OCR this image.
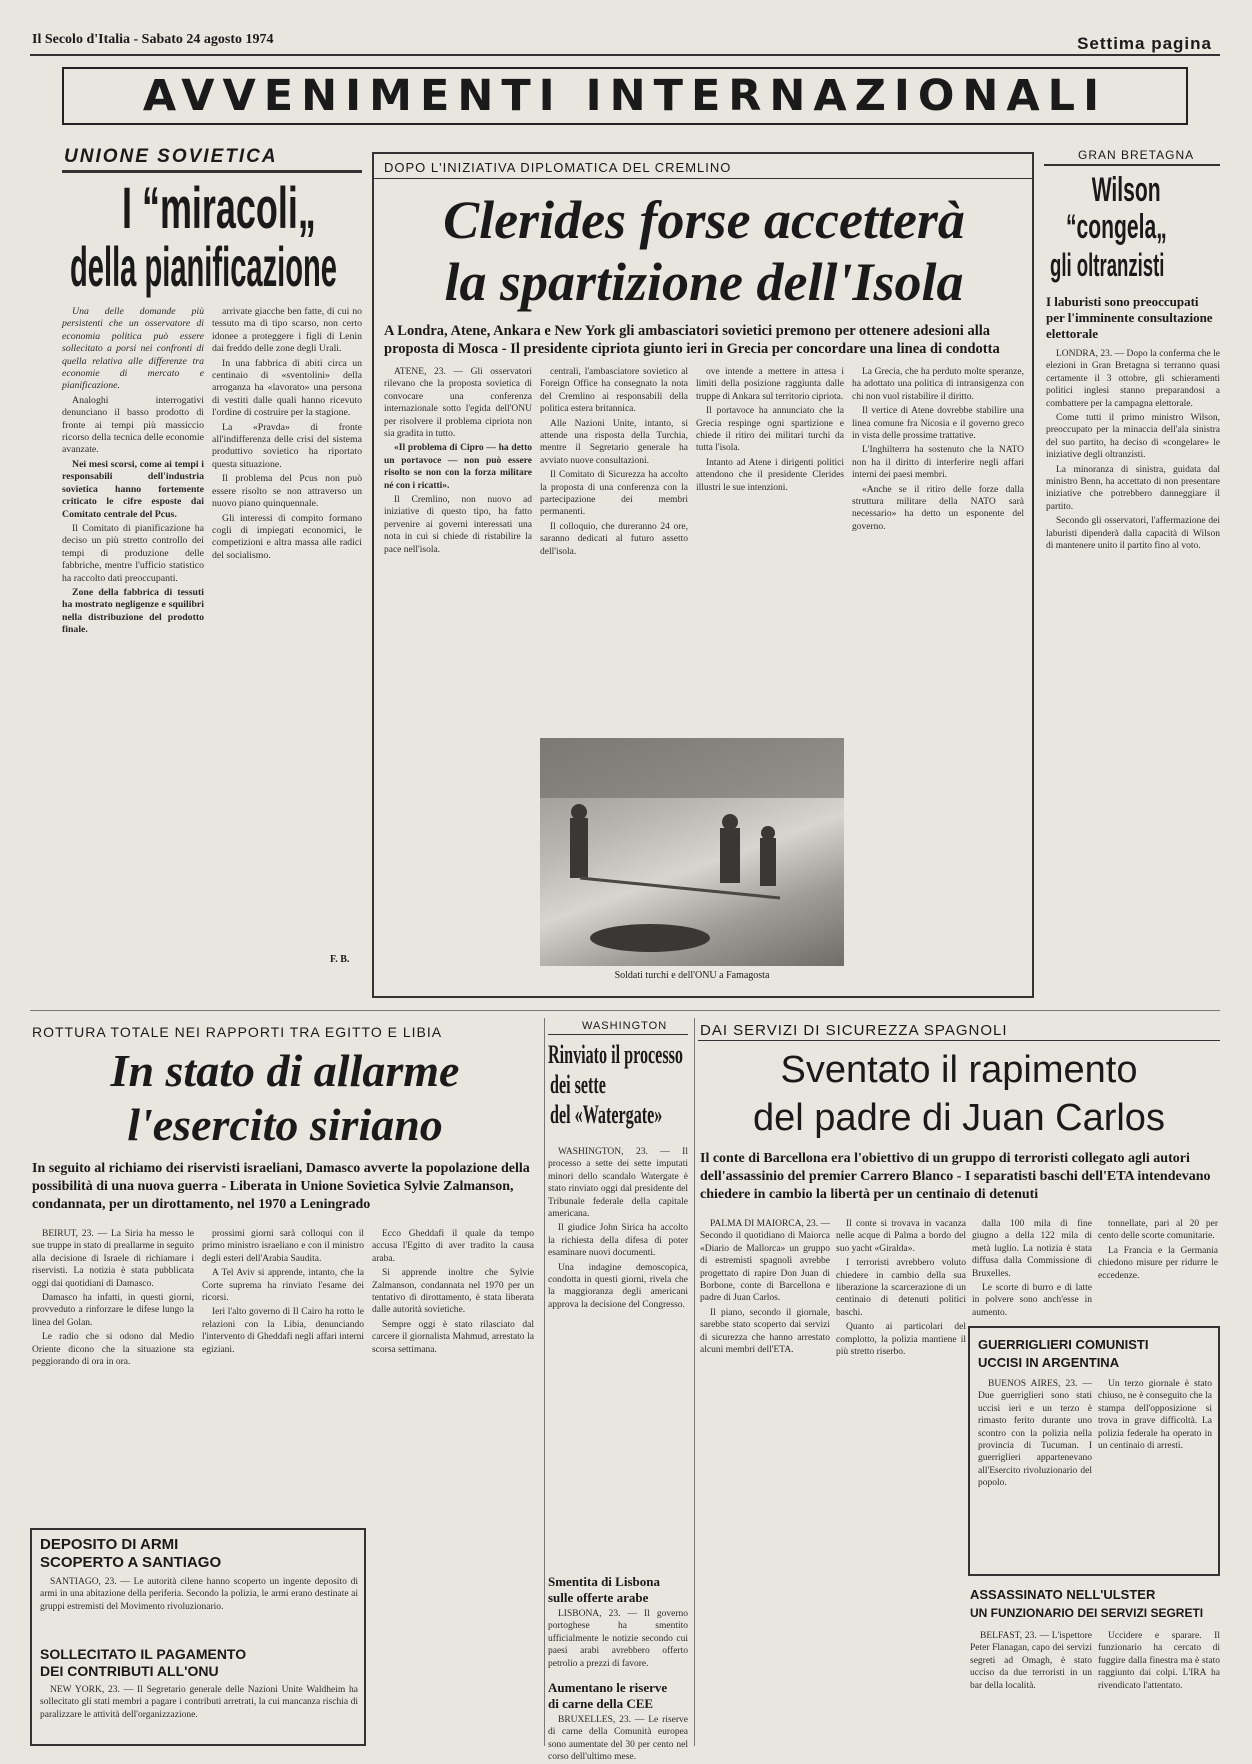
Il Secolo d'Italia - Sabato 24 agosto 1974	Settima pagina
AVVENIMENTI INTERNAZIONALI
UNIONE SOVIETICA
I “miracoli„
della pianificazione

Una delle domande più persistenti che un osservatore di economia politica può essere sollecitato a porsi nei confronti di quella relativa alle differenze tra economie di mercato e pianificazione.

Analoghi interrogativi denunciano il basso prodotto di fronte ai tempi più massiccio ricorso della tecnica delle economie avanzate.

Nei mesi scorsi, come ai tempi i responsabili dell'industria sovietica hanno fortemente criticato le cifre esposte dai Comitato centrale del Pcus.

Il Comitato di pianificazione ha deciso un più stretto controllo dei tempi di produzione delle fabbriche, mentre l'ufficio statistico ha raccolto dati preoccupanti.

Zone della fabbrica di tessuti ha mostrato negligenze e squilibri nella distribuzione del prodotto finale.

arrivate giacche ben fatte, di cui no tessuto ma di tipo scarso, non certo idonee a proteggere i figli di Lenin dai freddo delle zone degli Urali.

In una fabbrica di abiti circa un centinaio di «sventolini» della arroganza ha «lavorato» una persona di vestiti dalle quali hanno ricevuto l'ordine di costruire per la stagione.

La «Pravda» di fronte all'indifferenza delle crisi del sistema produttivo sovietico ha riportato questa situazione.

Il problema del Pcus non può essere risolto se non attraverso un nuovo piano quinquennale.

Gli interessi di compito formano cogli di impiegati economici, le competizioni e altra massa alle radici del socialismo.

F. B.
DOPO L'INIZIATIVA DIPLOMATICA DEL CREMLINO
Clerides forse accetterà
la spartizione dell'Isola
A Londra, Atene, Ankara e New York gli ambasciatori sovietici premono per ottenere adesioni alla proposta di Mosca - Il presidente cipriota giunto ieri in Grecia per concordare una linea di condotta

ATENE, 23. — Gli osservatori rilevano che la proposta sovietica di convocare una conferenza internazionale sotto l'egida dell'ONU per risolvere il problema cipriota non sia gradita in tutto.

«Il problema di Cipro — ha detto un portavoce — non può essere risolto se non con la forza militare né con i ricatti».

Il Cremlino, non nuovo ad iniziative di questo tipo, ha fatto pervenire ai governi interessati una nota in cui si chiede di ristabilire la pace nell'isola.

centrali, l'ambasciatore sovietico al Foreign Office ha consegnato la nota del Cremlino ai responsabili della politica estera britannica.

Alle Nazioni Unite, intanto, si attende una risposta della Turchia, mentre il Segretario generale ha avviato nuove consultazioni.

Il Comitato di Sicurezza ha accolto la proposta di una conferenza con la partecipazione dei membri permanenti.

Il colloquio, che dureranno 24 ore, saranno dedicati al futuro assetto dell'isola.

ove intende a mettere in attesa i limiti della posizione raggiunta dalle truppe di Ankara sul territorio cipriota.

Il portavoce ha annunciato che la Grecia respinge ogni spartizione e chiede il ritiro dei militari turchi da tutta l'isola.

Intanto ad Atene i dirigenti politici attendono che il presidente Clerides illustri le sue intenzioni.

La Grecia, che ha perduto molte speranze, ha adottato una politica di intransigenza con chi non vuol ristabilire il diritto.

Il vertice di Atene dovrebbe stabilire una linea comune fra Nicosia e il governo greco in vista delle prossime trattative.

L'Inghilterra ha sostenuto che la NATO non ha il diritto di interferire negli affari interni dei paesi membri.

«Anche se il ritiro delle forze dalla struttura militare della NATO sarà necessario» ha detto un esponente del governo.

Soldati turchi e dell'ONU a Famagosta
GRAN BRETAGNA
Wilson
“congela„
gli oltranzisti
I laburisti sono preoccupati per l'imminente consultazione elettorale

LONDRA, 23. — Dopo la conferma che le elezioni in Gran Bretagna si terranno quasi certamente il 3 ottobre, gli schieramenti politici inglesi stanno preparandosi a combattere per la campagna elettorale.

Come tutti il primo ministro Wilson, preoccupato per la minaccia dell'ala sinistra del suo partito, ha deciso di «congelare» le iniziative degli oltranzisti.

La minoranza di sinistra, guidata dal ministro Benn, ha accettato di non presentare iniziative che potrebbero danneggiare il partito.

Secondo gli osservatori, l'affermazione dei laburisti dipenderà dalla capacità di Wilson di mantenere unito il partito fino al voto.

ROTTURA TOTALE NEI RAPPORTI TRA EGITTO E LIBIA
In stato di allarme
l'esercito siriano
In seguito al richiamo dei riservisti israeliani, Damasco avverte la popolazione della possibilità di una nuova guerra - Liberata in Unione Sovietica Sylvie Zalmanson, condannata, per un dirottamento, nel 1970 a Leningrado

BEIRUT, 23. — La Siria ha messo le sue truppe in stato di preallarme in seguito alla decisione di Israele di richiamare i riservisti. La notizia è stata pubblicata oggi dai quotidiani di Damasco.

Damasco ha infatti, in questi giorni, provveduto a rinforzare le difese lungo la linea del Golan.

Le radio che si odono dal Medio Oriente dicono che la situazione sta peggiorando di ora in ora.

prossimi giorni sarà colloqui con il primo ministro israeliano e con il ministro degli esteri dell'Arabia Saudita.

A Tel Aviv si apprende, intanto, che la Corte suprema ha rinviato l'esame dei ricorsi.

Ieri l'alto governo di Il Cairo ha rotto le relazioni con la Libia, denunciando l'intervento di Gheddafi negli affari interni egiziani.

Ecco Gheddafi il quale da tempo accusa l'Egitto di aver tradito la causa araba.

Si apprende inoltre che Sylvie Zalmanson, condannata nel 1970 per un tentativo di dirottamento, è stata liberata dalle autorità sovietiche.

Sempre oggi è stato rilasciato dal carcere il giornalista Mahmud, arrestato la scorsa settimana.

DEPOSITO DI ARMI
SCOPERTO A SANTIAGO

SANTIAGO, 23. — Le autorità cilene hanno scoperto un ingente deposito di armi in una abitazione della periferia. Secondo la polizia, le armi erano destinate ai gruppi estremisti del Movimento rivoluzionario.

SOLLECITATO IL PAGAMENTO
DEI CONTRIBUTI ALL'ONU

NEW YORK, 23. — Il Segretario generale delle Nazioni Unite Waldheim ha sollecitato gli stati membri a pagare i contributi arretrati, la cui mancanza rischia di paralizzare le attività dell'organizzazione.

WASHINGTON
Rinviato il processo
dei sette
del «Watergate»

WASHINGTON, 23. — Il processo a sette dei sette imputati minori dello scandalo Watergate è stato rinviato oggi dal presidente del Tribunale federale della capitale americana.

Il giudice John Sirica ha accolto la richiesta della difesa di poter esaminare nuovi documenti.

Una indagine demoscopica, condotta in questi giorni, rivela che la maggioranza degli americani approva la decisione del Congresso.

Smentita di Lisbona
sulle offerte arabe

LISBONA, 23. — Il governo portoghese ha smentito ufficialmente le notizie secondo cui paesi arabi avrebbero offerto petrolio a prezzi di favore.

Aumentano le riserve
di carne della CEE

BRUXELLES, 23. — Le riserve di carne della Comunità europea sono aumentate del 30 per cento nel corso dell'ultimo mese.

DAI SERVIZI DI SICUREZZA SPAGNOLI
Sventato il rapimento
del padre di Juan Carlos
Il conte di Barcellona era l'obiettivo di un gruppo di terroristi collegato agli autori dell'assassinio del premier Carrero Blanco - I separatisti baschi dell'ETA intendevano chiedere in cambio la libertà per un centinaio di detenuti

PALMA DI MAIORCA, 23. — Secondo il quotidiano di Maiorca «Diario de Mallorca» un gruppo di estremisti spagnoli avrebbe progettato di rapire Don Juan di Borbone, conte di Barcellona e padre di Juan Carlos.

Il piano, secondo il giornale, sarebbe stato scoperto dai servizi di sicurezza che hanno arrestato alcuni membri dell'ETA.

Il conte si trovava in vacanza nelle acque di Palma a bordo del suo yacht «Giralda».

I terroristi avrebbero voluto chiedere in cambio della sua liberazione la scarcerazione di un centinaio di detenuti politici baschi.

Quanto ai particolari del complotto, la polizia mantiene il più stretto riserbo.

dalla 100 mila di fine giugno a della 122 mila di metà luglio. La notizia è stata diffusa dalla Commissione di Bruxelles.

Le scorte di burro e di latte in polvere sono anch'esse in aumento.

tonnellate, pari al 20 per cento delle scorte comunitarie.

La Francia e la Germania chiedono misure per ridurre le eccedenze.

GUERRIGLIERI COMUNISTI
UCCISI IN ARGENTINA

BUENOS AIRES, 23. — Due guerriglieri sono stati uccisi ieri e un terzo è rimasto ferito durante uno scontro con la polizia nella provincia di Tucuman. I guerriglieri appartenevano all'Esercito rivoluzionario del popolo.

Un terzo giornale è stato chiuso, ne è conseguito che la stampa dell'opposizione si trova in grave difficoltà. La polizia federale ha operato in un centinaio di arresti.

ASSASSINATO NELL'ULSTER
UN FUNZIONARIO DEI SERVIZI SEGRETI

BELFAST, 23. — L'ispettore Peter Flanagan, capo dei servizi segreti ad Omagh, è stato ucciso da due terroristi in un bar della località.

Uccidere e sparare. Il funzionario ha cercato di fuggire dalla finestra ma è stato raggiunto dai colpi. L'IRA ha rivendicato l'attentato.
